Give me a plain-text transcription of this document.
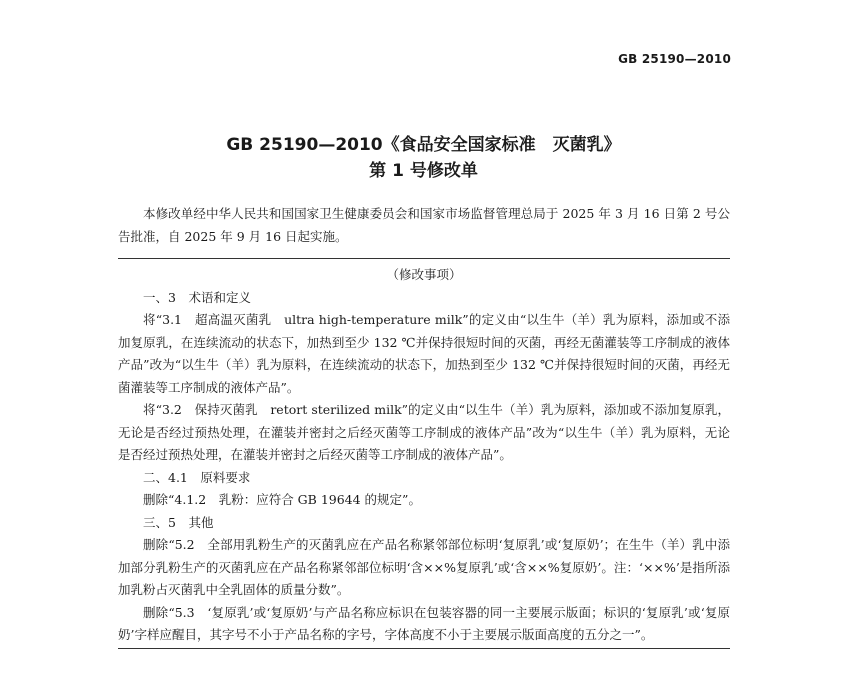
GB 25190—2010
GB 25190—2010《食品安全国家标准　灭菌乳》
第 1 号修改单
本修改单经中华人民共和国国家卫生健康委员会和国家市场监督管理总局于 2025 年 3 月 16 日第 2 号公告批准，自 2025 年 9 月 16 日起实施。
（修改事项）

一、3　术语和定义

将“3.1　超高温灭菌乳　ultra high-temperature milk”的定义由“以生牛（羊）乳为原料，添加或不添加复原乳，在连续流动的状态下，加热到至少 132 ℃并保持很短时间的灭菌，再经无菌灌装等工序制成的液体产品”改为“以生牛（羊）乳为原料，在连续流动的状态下，加热到至少 132 ℃并保持很短时间的灭菌，再经无菌灌装等工序制成的液体产品”。

将“3.2　保持灭菌乳　retort sterilized milk”的定义由“以生牛（羊）乳为原料，添加或不添加复原乳，无论是否经过预热处理，在灌装并密封之后经灭菌等工序制成的液体产品”改为“以生牛（羊）乳为原料，无论是否经过预热处理，在灌装并密封之后经灭菌等工序制成的液体产品”。

二、4.1　原料要求

删除“4.1.2　乳粉：应符合 GB 19644 的规定”。

三、5　其他

删除“5.2　全部用乳粉生产的灭菌乳应在产品名称紧邻部位标明‘复原乳’或‘复原奶’；在生牛（羊）乳中添加部分乳粉生产的灭菌乳应在产品名称紧邻部位标明‘含××%复原乳’或‘含××%复原奶’。注：‘××%’是指所添加乳粉占灭菌乳中全乳固体的质量分数”。

删除“5.3　‘复原乳’或‘复原奶’与产品名称应标识在包装容器的同一主要展示版面；标识的‘复原乳’或‘复原奶’字样应醒目，其字号不小于产品名称的字号，字体高度不小于主要展示版面高度的五分之一”。
